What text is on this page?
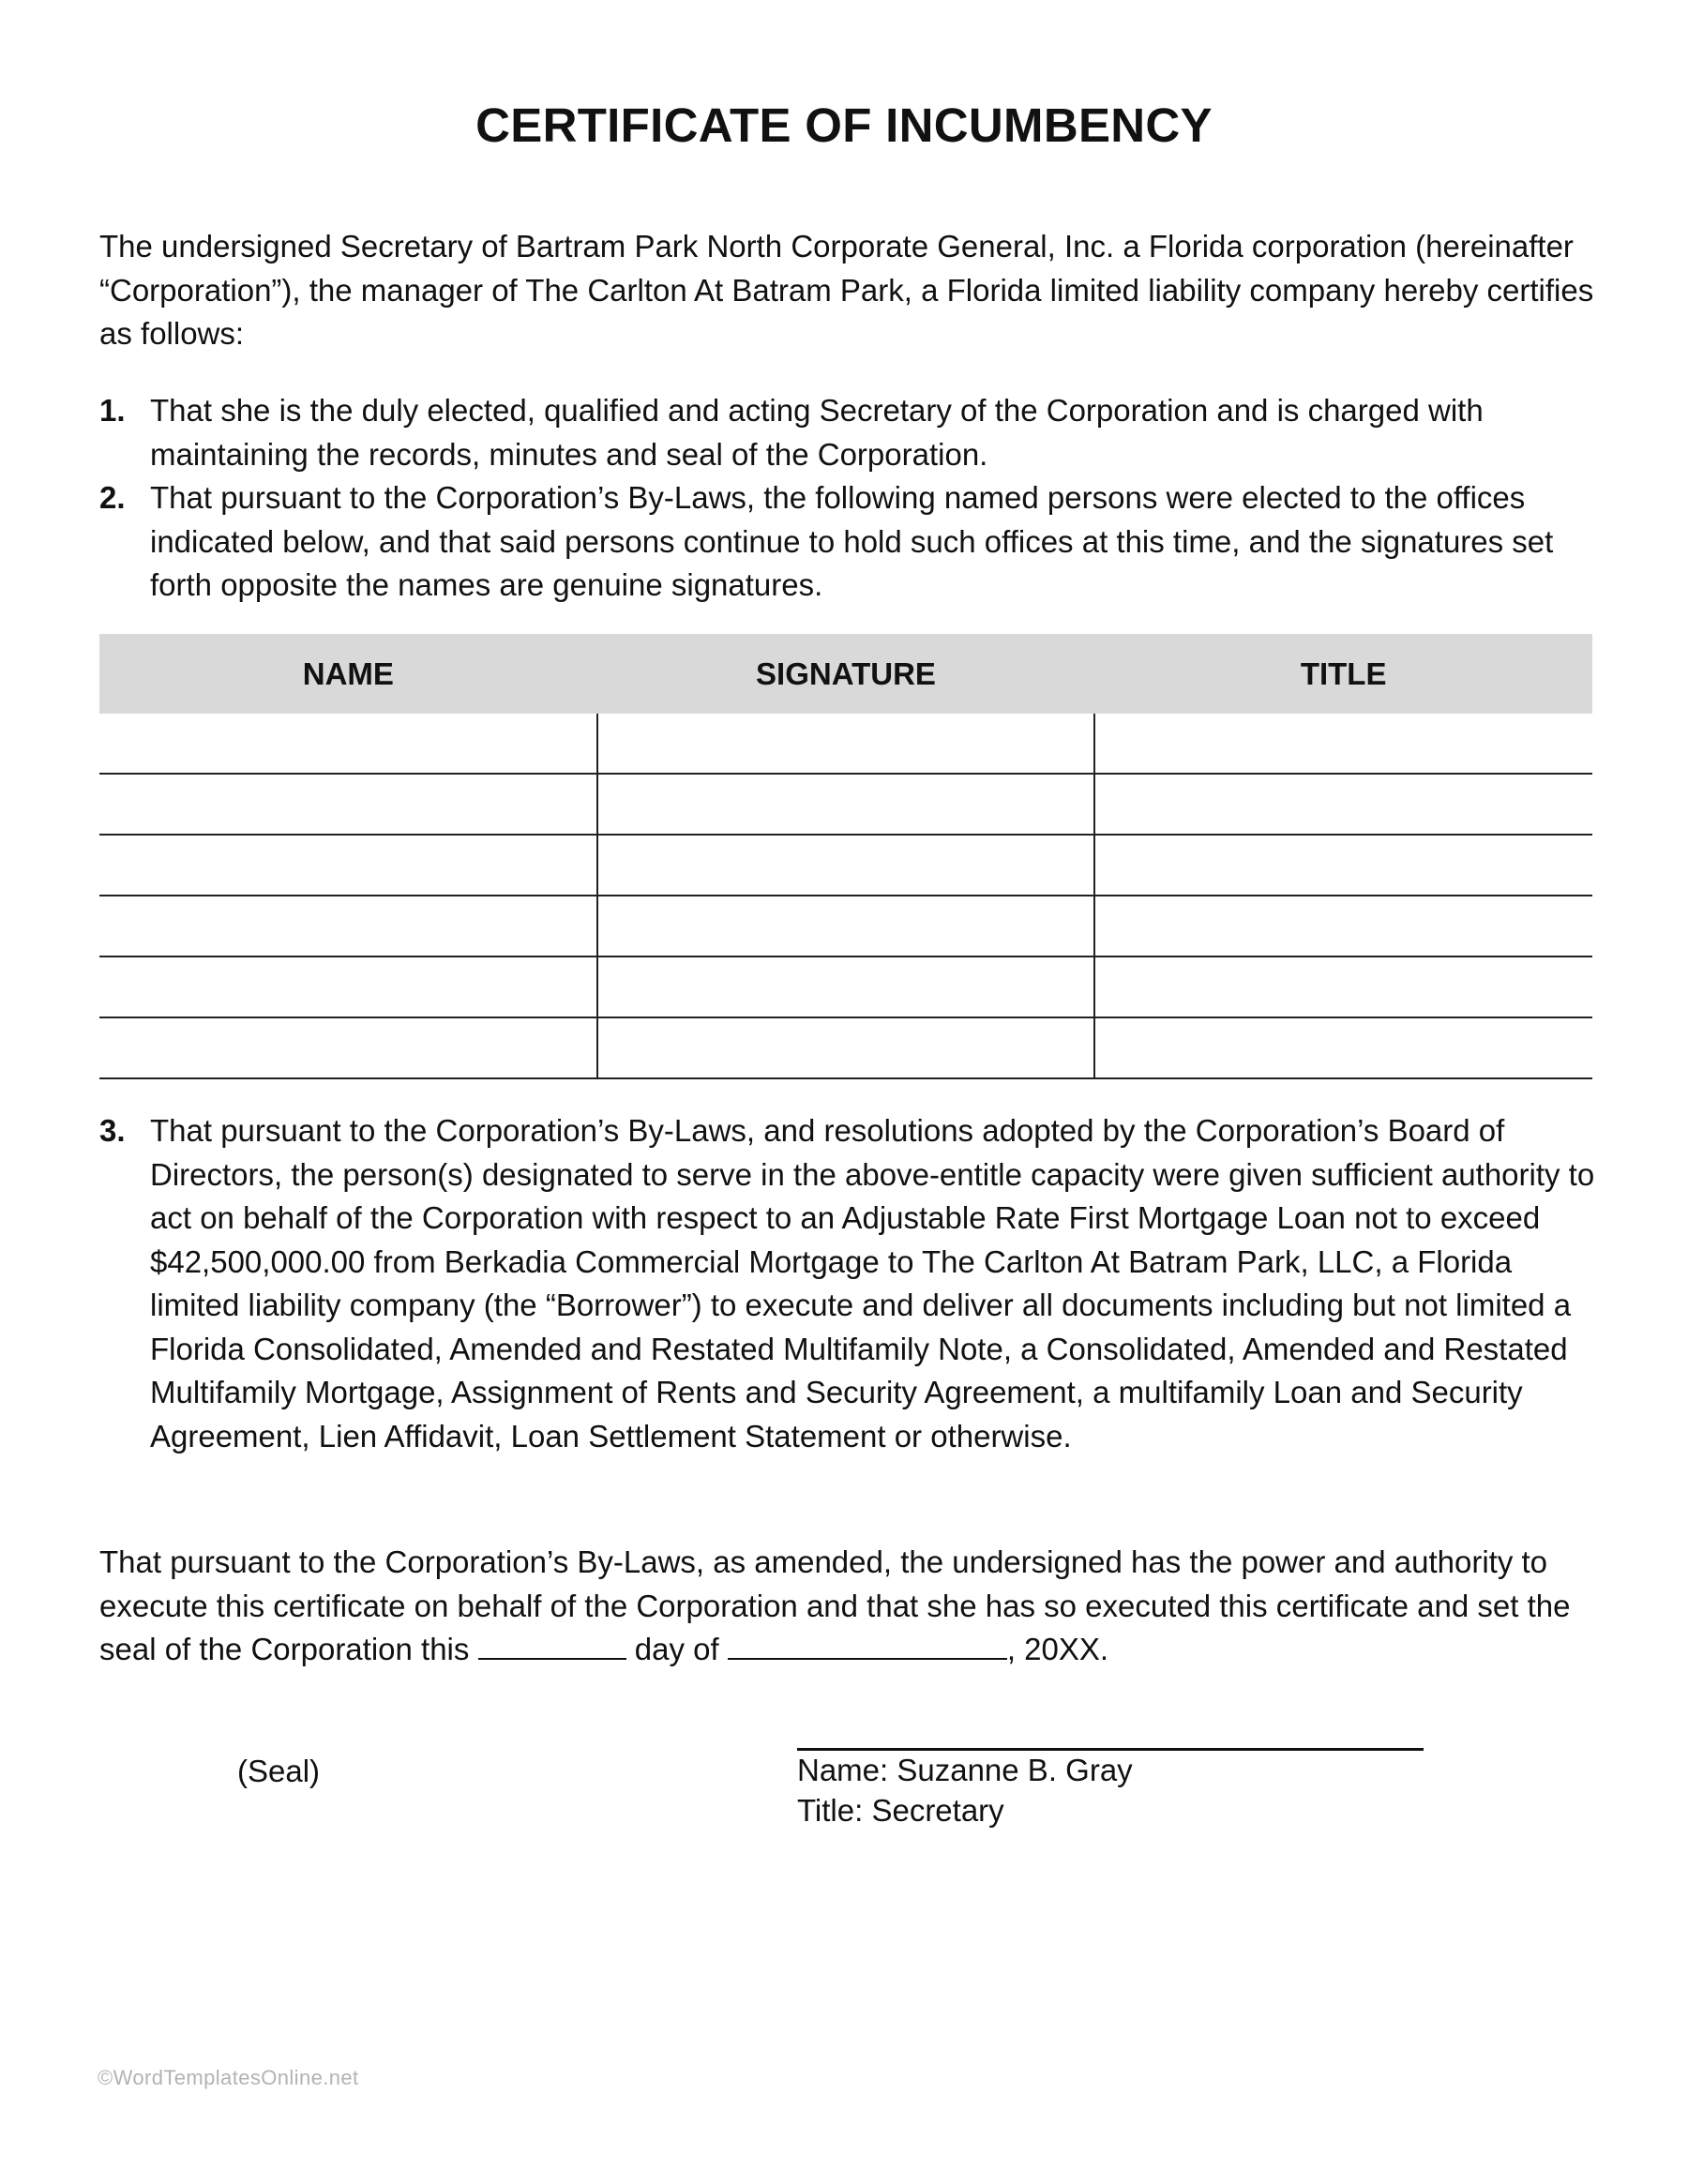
CERTIFICATE OF INCUMBENCY

The undersigned Secretary of Bartram Park North Corporate General, Inc. a Florida corporation (hereinafter “Corporation”), the manager of The Carlton At Batram Park, a Florida limited liability company hereby certifies as follows:

1. That she is the duly elected, qualified and acting Secretary of the Corporation and is charged with maintaining the records, minutes and seal of the Corporation.
2. That pursuant to the Corporation’s By-Laws, the following named persons were elected to the offices indicated below, and that said persons continue to hold such offices at this time, and the signatures set forth opposite the names are genuine signatures.
NAME	SIGNATURE	TITLE

3. That pursuant to the Corporation’s By-Laws, and resolutions adopted by the Corporation’s Board of Directors, the person(s) designated to serve in the above-entitle capacity were given sufficient authority to act on behalf of the Corporation with respect to an Adjustable Rate First Mortgage Loan not to exceed $42,500,000.00 from Berkadia Commercial Mortgage to The Carlton At Batram Park, LLC, a Florida limited liability company (the “Borrower”) to execute and deliver all documents including but not limited a Florida Consolidated, Amended and Restated Multifamily Note, a Consolidated, Amended and Restated Multifamily Mortgage, Assignment of Rents and Security Agreement, a multifamily Loan and Security Agreement, Lien Affidavit, Loan Settlement Statement or otherwise.

That pursuant to the Corporation’s By-Laws, as amended, the undersigned has the power and authority to execute this certificate on behalf of the Corporation and that she has so executed this certificate and set the seal of the Corporation this	day of	, 20XX.

(Seal)	Name: Suzanne B. Gray
Title: Secretary
©WordTemplatesOnline.net
